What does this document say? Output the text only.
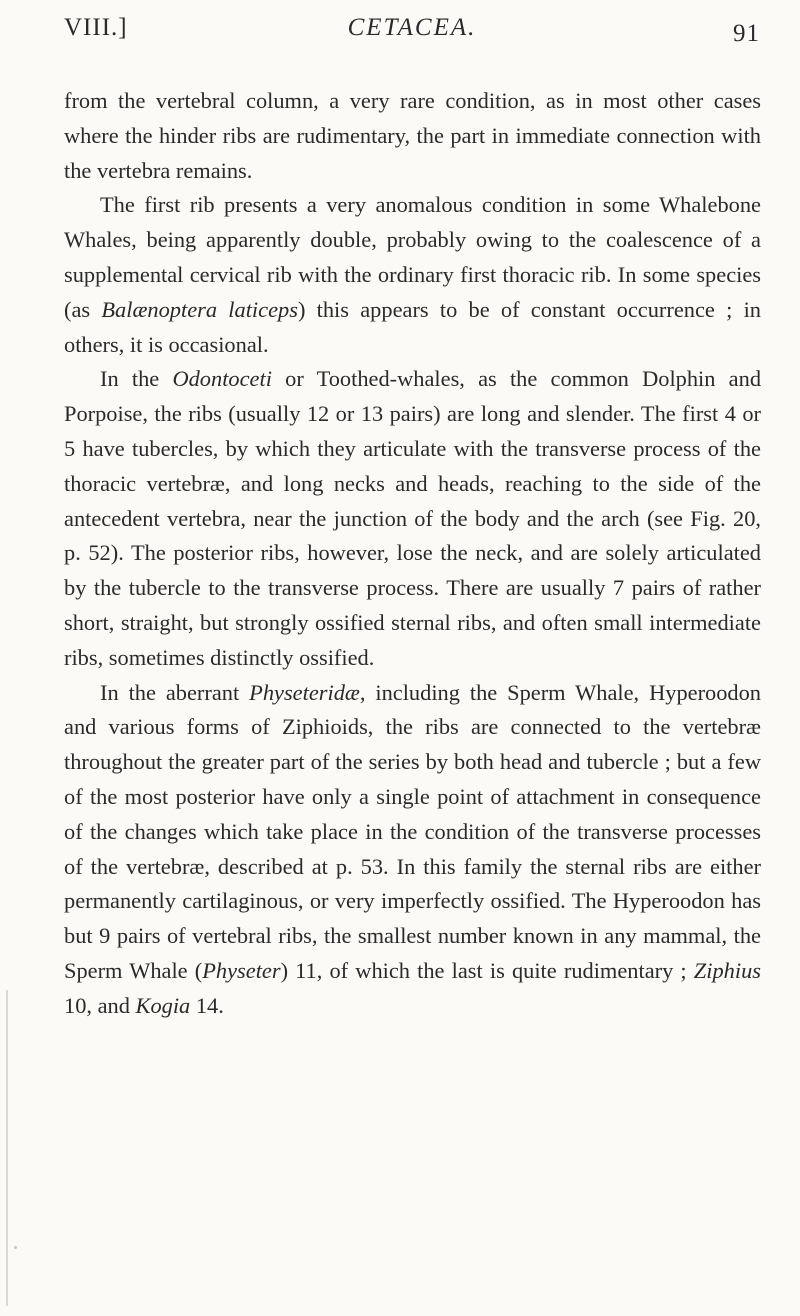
VIII.]	CETACEA.	91

from the vertebral column, a very rare condition, as in most other cases where the hinder ribs are rudimentary, the part in immediate connection with the vertebra remains.

The first rib presents a very anomalous condition in some Whalebone Whales, being apparently double, probably owing to the coalescence of a supplemental cervical rib with the ordinary first thoracic rib. In some species (as Balænoptera laticeps) this appears to be of constant occurrence ; in others, it is occasional.

In the Odontoceti or Toothed-whales, as the common Dolphin and Porpoise, the ribs (usually 12 or 13 pairs) are long and slender. The first 4 or 5 have tubercles, by which they articulate with the transverse process of the thoracic vertebræ, and long necks and heads, reaching to the side of the antecedent vertebra, near the junction of the body and the arch (see Fig. 20, p. 52). The posterior ribs, however, lose the neck, and are solely articulated by the tubercle to the transverse process. There are usually 7 pairs of rather short, straight, but strongly ossified sternal ribs, and often small intermediate ribs, sometimes distinctly ossified.

In the aberrant Physeteridæ, including the Sperm Whale, Hyperoodon and various forms of Ziphioids, the ribs are connected to the vertebræ throughout the greater part of the series by both head and tubercle ; but a few of the most posterior have only a single point of attachment in consequence of the changes which take place in the condition of the transverse processes of the vertebræ, described at p. 53. In this family the sternal ribs are either permanently cartilaginous, or very imperfectly ossified. The Hyperoodon has but 9 pairs of vertebral ribs, the smallest number known in any mammal, the Sperm Whale (Physeter) 11, of which the last is quite rudimentary ; Ziphius 10, and Kogia 14.
